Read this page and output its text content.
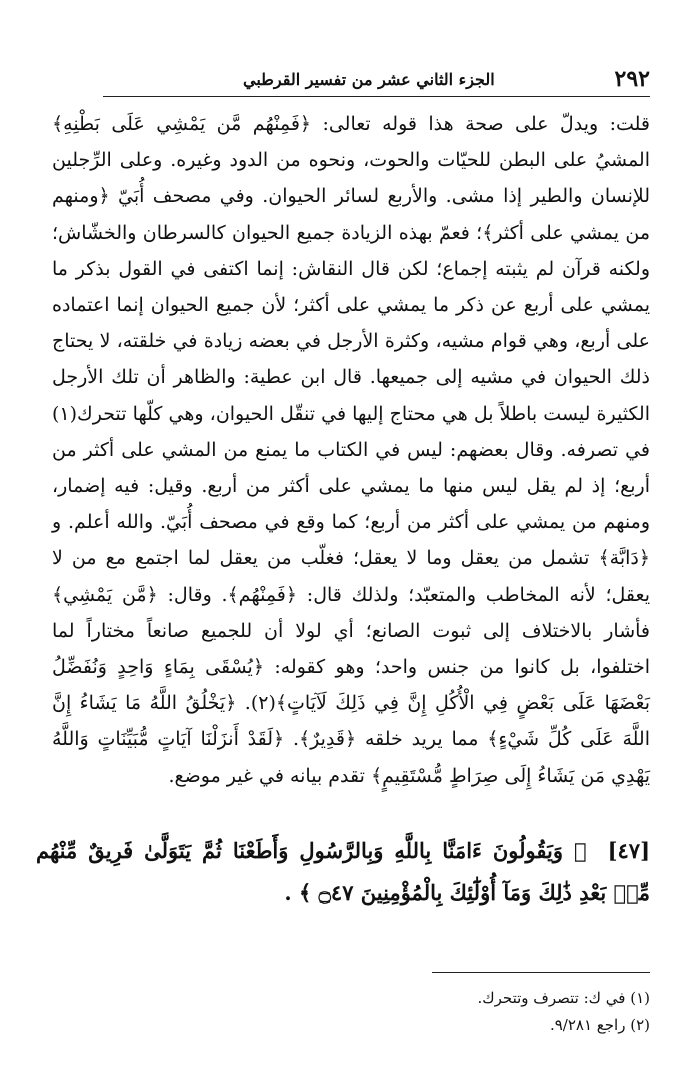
٢٩٢
الجزء الثاني عشر من تفسير القرطبي

قلت: ويدلّ على صحة هذا قوله تعالى: ﴿فَمِنْهُم مَّن يَمْشِي عَلَى بَطْنِهِ﴾ المشيُ على البطن للحيّات والحوت، ونحوه من الدود وغيره. وعلى الرِّجلين للإنسان والطير إذا مشى. والأربع لسائر الحيوان. وفي مصحف أُبَيّ ﴿ومنهم من يمشي على أكثر﴾؛ فعمّ بهذه الزيادة جميع الحيوان كالسرطان والخشّاش؛ ولكنه قرآن لم يثبته إجماع؛ لكن قال النقاش: إنما اكتفى في القول بذكر ما يمشي على أربع عن ذكر ما يمشي على أكثر؛ لأن جميع الحيوان إنما اعتماده على أربع، وهي قوام مشيه، وكثرة الأرجل في بعضه زيادة في خلقته، لا يحتاج ذلك الحيوان في مشيه إلى جميعها. قال ابن عطية: والظاهر أن تلك الأرجل الكثيرة ليست باطلاً بل هي محتاج إليها في تنقّل الحيوان، وهي كلّها تتحرك(١) في تصرفه. وقال بعضهم: ليس في الكتاب ما يمنع من المشي على أكثر من أربع؛ إذ لم يقل ليس منها ما يمشي على أكثر من أربع. وقيل: فيه إضمار، ومنهم من يمشي على أكثر من أربع؛ كما وقع في مصحف أُبَيّ. والله أعلم. و ﴿دَابَّة﴾ تشمل من يعقل وما لا يعقل؛ فغلّب من يعقل لما اجتمع مع من لا يعقل؛ لأنه المخاطب والمتعبّد؛ ولذلك قال: ﴿فَمِنْهُم﴾. وقال: ﴿مَّن يَمْشِي﴾ فأشار بالاختلاف إلى ثبوت الصانع؛ أي لولا أن للجميع صانعاً مختاراً لما اختلفوا، بل كانوا من جنس واحد؛ وهو كقوله: ﴿يُسْقَى بِمَاءٍ وَاحِدٍ وَنُفَضِّلُ بَعْضَهَا عَلَى بَعْضٍ فِي الْأُكُلِ إِنَّ فِي ذَلِكَ لَآيَاتٍ﴾(٢). ﴿يَخْلُقُ اللَّهُ مَا يَشَاءُ إِنَّ اللَّهَ عَلَى كُلِّ شَيْءٍ﴾ مما يريد خلقه ﴿قَدِيرٌ﴾. ﴿لَقَدْ أَنزَلْنَا آيَاتٍ مُّبَيِّنَاتٍ وَاللَّهُ يَهْدِي مَن يَشَاءُ إِلَى صِرَاطٍ مُّسْتَقِيمٍ﴾ تقدم بيانه في غير موضع.

[٤٧] ﴿ وَيَقُولُونَ ءَامَنَّا بِاللَّهِ وَبِالرَّسُولِ وَأَطَعْنَا ثُمَّ يَتَوَلَّىٰ فَرِيقٌ مِّنْهُم مِّنۢ بَعْدِ ذَٰلِكَ وَمَآ أُوْلَٰٓئِكَ بِالْمُؤْمِنِينَ ۝٤٧ ﴾ .
(١) في ك: تتصرف وتتحرك.
(٢) راجع ٩/٢٨١.
